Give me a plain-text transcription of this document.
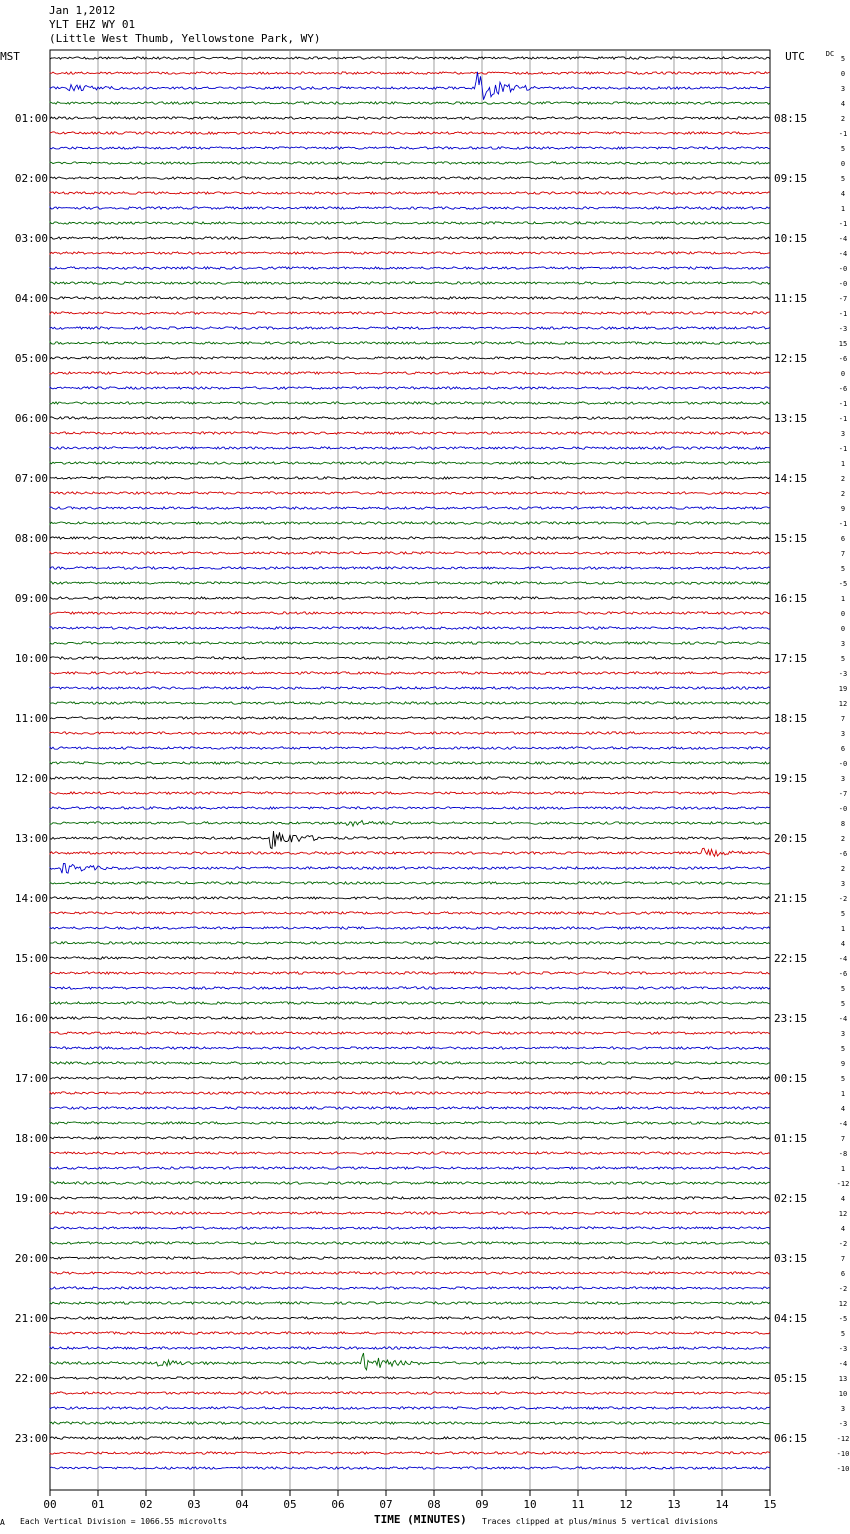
Jan 1,2012
YLT EHZ WY 01
(Little West Thumb, Yellowstone Park, WY)
5
0
3
4
2
-1
5
0
5
4
1
-1
-4
-4
-0
-0
-7
-1
-3
15
-6
0
-6
-1
-1
3
-1
1
2
2
9
-1
6
7
5
-5
1
0
0
3
5
-3
19
12
7
3
6
-0
3
-7
-0
8
2
-6
2
3
-2
5
1
4
-4
-6
5
5
-4
3
5
9
5
1
4
-4
7
-8
1
-12
4
12
4
-2
7
6
-2
12
-5
5
-3
-4
13
10
3
-3
-12
-10
-10
MST	UTC	DC
01:00
02:00
03:00
04:00
05:00
06:00
07:00
08:00
09:00
10:00
11:00
12:00
13:00
14:00
15:00
16:00
17:00
18:00
19:00
20:00
21:00
22:00
23:00
08:15
09:15
10:15
11:15
12:15
13:15
14:15
15:15
16:15
17:15
18:15
19:15
20:15
21:15
22:15
23:15
00:15
01:15
02:15
03:15
04:15
05:15
06:15
00	01	02	03	04	05	06	07	08	09	10	11	12	13	14	15
A Each Vertical Division = 1066.55 microvolts	TIME (MINUTES) Traces clipped at plus/minus 5 vertical divisions
